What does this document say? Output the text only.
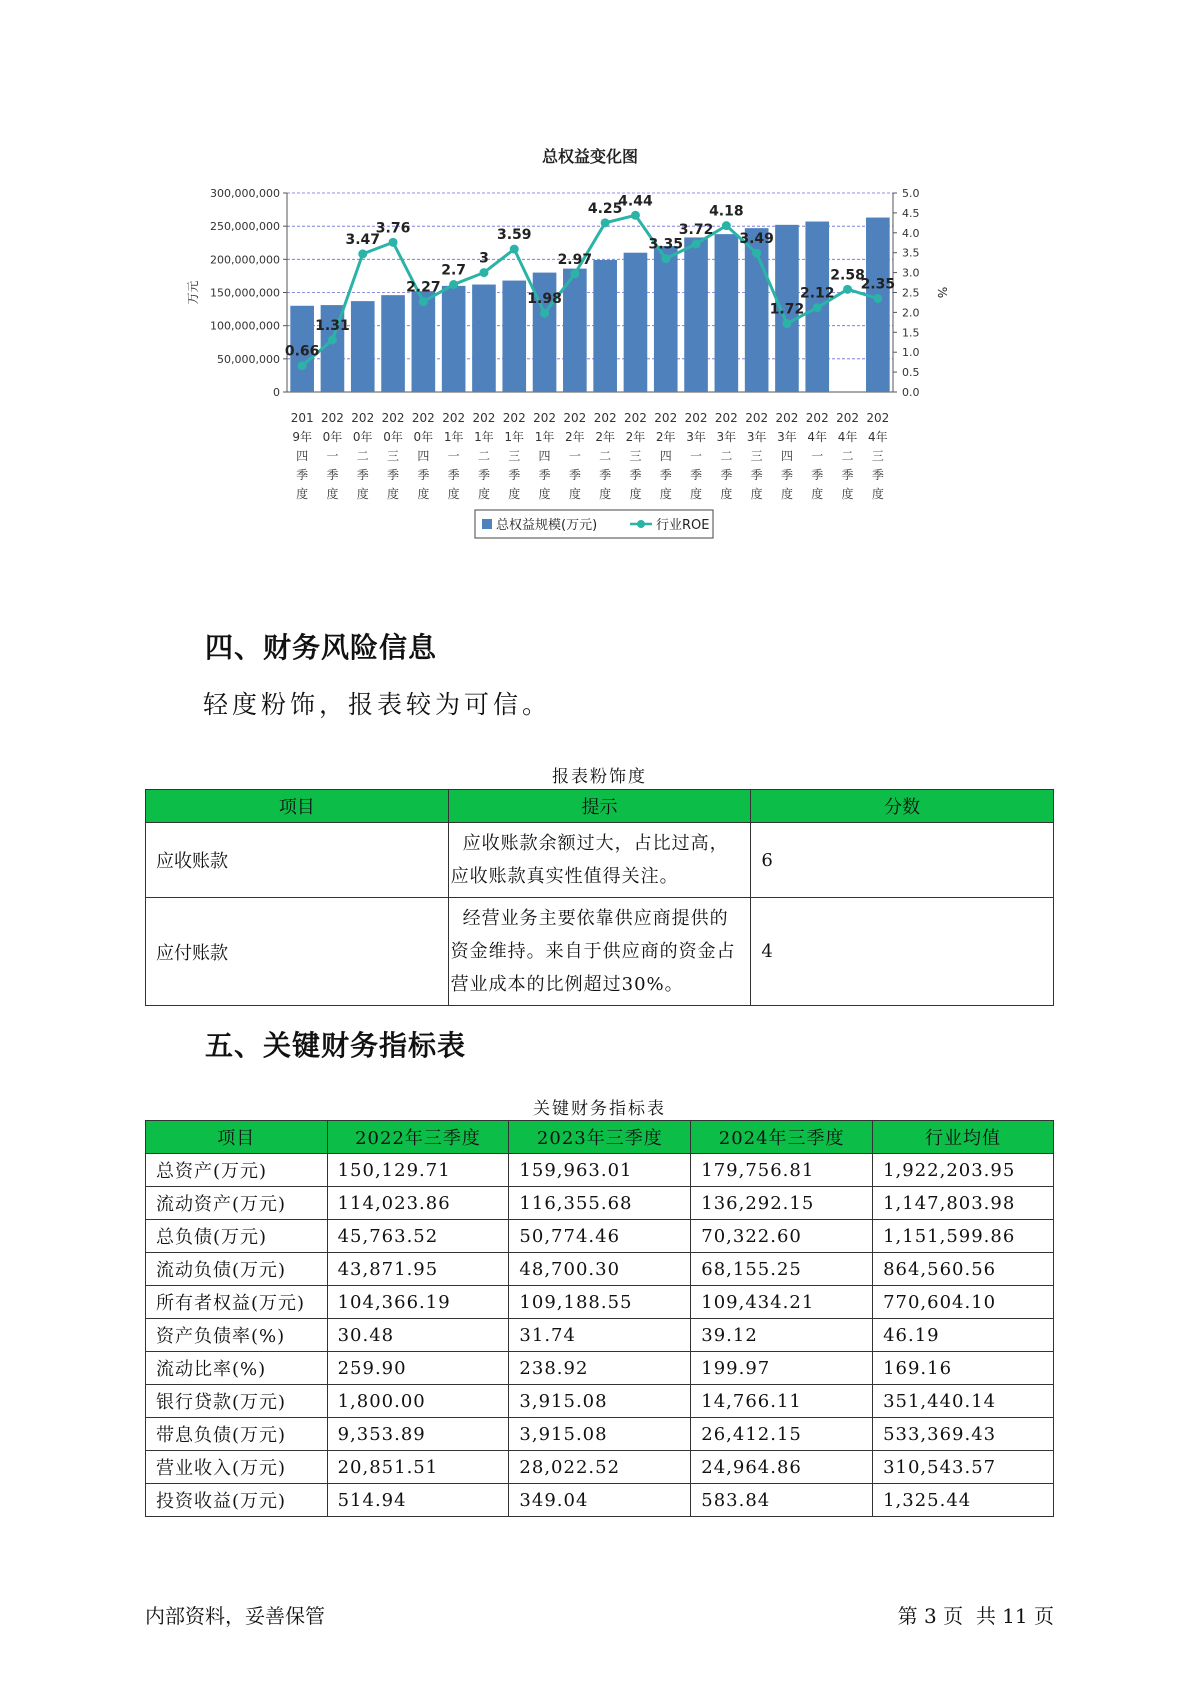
总权益变化图
0
50,000,000
100,000,000
150,000,000
200,000,000
250,000,000
300,000,000
0.0
0.5
1.0
1.5
2.0
2.5
3.0
3.5
4.0
4.5
5.0
万元	%
0.66
1.31
3.47
3.76
2.27
2.7
3
3.59
1.98
2.97
4.25
4.44
3.35
3.72
4.18
3.49
1.72
2.12
2.58
2.35
201
9年
四
季
度
202
0年
一
季
度
202
0年
二
季
度
202
0年
三
季
度
202
0年
四
季
度
202
1年
一
季
度
202
1年
二
季
度
202
1年
三
季
度
202
1年
四
季
度
202
2年
一
季
度
202
2年
二
季
度
202
2年
三
季
度
202
2年
四
季
度
202
3年
一
季
度
202
3年
二
季
度
202
3年
三
季
度
202
3年
四
季
度
202
4年
一
季
度
202
4年
二
季
度
202
4年
三
季
度
总权益规模(万元)	行业ROE
四、财务风险信息
轻度粉饰，报表较为可信。
报表粉饰度
项目	提示	分数
应收账款	应收账款余额过大，占比过高，
应收账款真实性值得关注。	6
应付账款	经营业务主要依靠供应商提供的
资金维持。来自于供应商的资金占
营业成本的比例超过30%。	4
五、关键财务指标表
关键财务指标表
项目	2022年三季度	2023年三季度	2024年三季度	行业均值
总资产(万元)	150,129.71	159,963.01	179,756.81	1,922,203.95
流动资产(万元)	114,023.86	116,355.68	136,292.15	1,147,803.98
总负债(万元)	45,763.52	50,774.46	70,322.60	1,151,599.86
流动负债(万元)	43,871.95	48,700.30	68,155.25	864,560.56
所有者权益(万元)	104,366.19	109,188.55	109,434.21	770,604.10
资产负债率(%)	30.48	31.74	39.12	46.19
流动比率(%)	259.90	238.92	199.97	169.16
银行贷款(万元)	1,800.00	3,915.08	14,766.11	351,440.14
带息负债(万元)	9,353.89	3,915.08	26,412.15	533,369.43
营业收入(万元)	20,851.51	28,022.52	24,964.86	310,543.57
投资收益(万元)	514.94	349.04	583.84	1,325.44
内部资料，妥善保管	第 3 页  共 11 页
